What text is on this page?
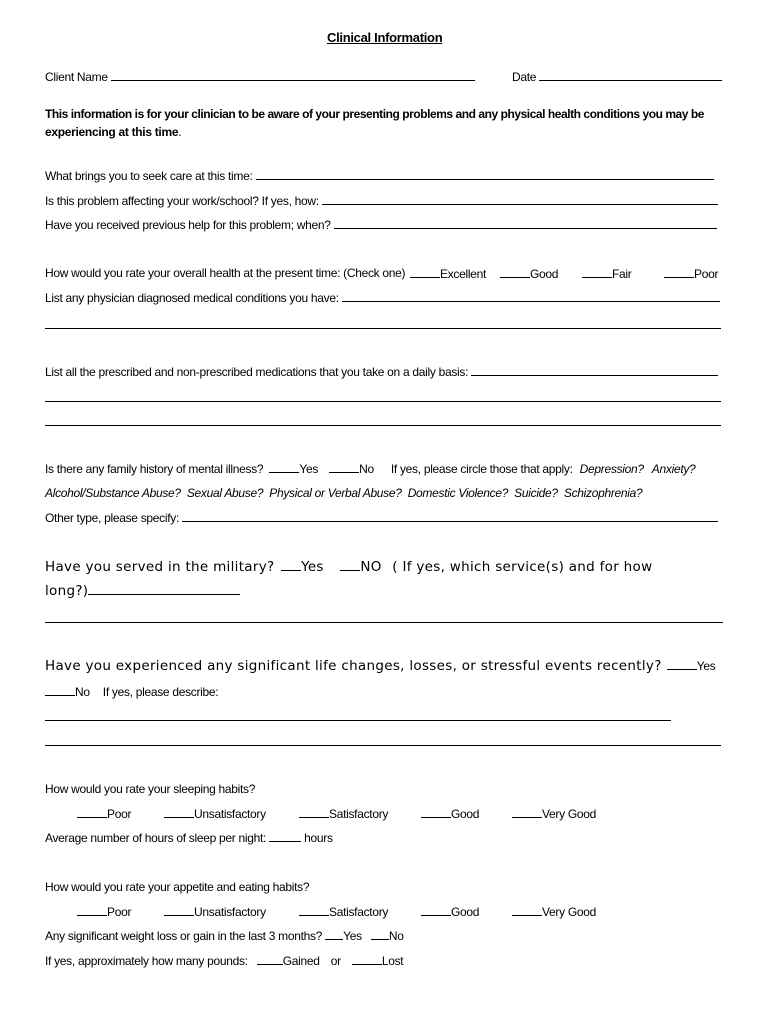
Clinical Information
Client Name	Date
This information is for your clinician to be aware of your presenting problems and any physical health conditions you may be
experiencing at this time.
What brings you to seek care at this time:
Is this problem affecting your work/school? If yes, how:
Have you received previous help for this problem; when?
How would you rate your overall health at the present time: (Check one)	Excellent	Good	Fair	Poor
List any physician diagnosed medical conditions you have:
List all the prescribed and non-prescribed medications that you take on a daily basis:
Is there any family history of mental illness?	Yes	No If yes, please circle those that apply: Depression? Anxiety?
Alcohol/Substance Abuse? Sexual Abuse? Physical or Verbal Abuse? Domestic Violence? Suicide? Schizophrenia?
Other type, please specify:
Have you served in the military? Yes	NO ( If yes, which service(s) and for how
long?)
Have you experienced any significant life changes, losses, or stressful events recently?	Yes
No If yes, please describe:
How would you rate your sleeping habits?
Poor	Unsatisfactory	Satisfactory	Good	Very Good
Average number of hours of sleep per night:	hours
How would you rate your appetite and eating habits?
Poor	Unsatisfactory	Satisfactory	Good	Very Good
Any significant weight loss or gain in the last 3 months? Yes No
If yes, approximately how many pounds:	Gained or	Lost
